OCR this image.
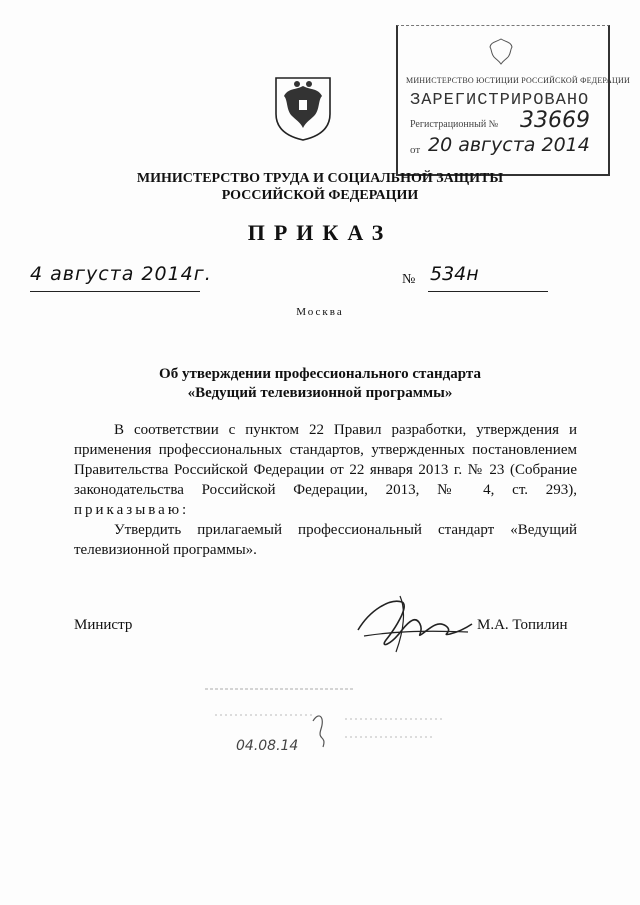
МИНИСТЕРСТВО ЮСТИЦИИ РОССИЙСКОЙ ФЕДЕРАЦИИ
ЗАРЕГИСТРИРОВАНО
Регистрационный № 33669
от 20 августа 2014
МИНИСТЕРСТВО ТРУДА И СОЦИАЛЬНОЙ ЗАЩИТЫ
РОССИЙСКОЙ ФЕДЕРАЦИИ
ПРИКАЗ
4 августа 2014г.	№ 534н
Москва
Об утверждении профессионального стандарта
«Ведущий телевизионной программы»
В соответствии с пунктом 22 Правил разработки, утверждения и применения профессиональных стандартов, утвержденных постановлением Правительства Российской Федерации от 22 января 2013 г. № 23 (Собрание законодательства Российской Федерации, 2013, № 4, ст. 293), приказываю:
Утвердить прилагаемый профессиональный стандарт «Ведущий телевизионной программы».
Министр	М.А. Топилин
04.08.14
